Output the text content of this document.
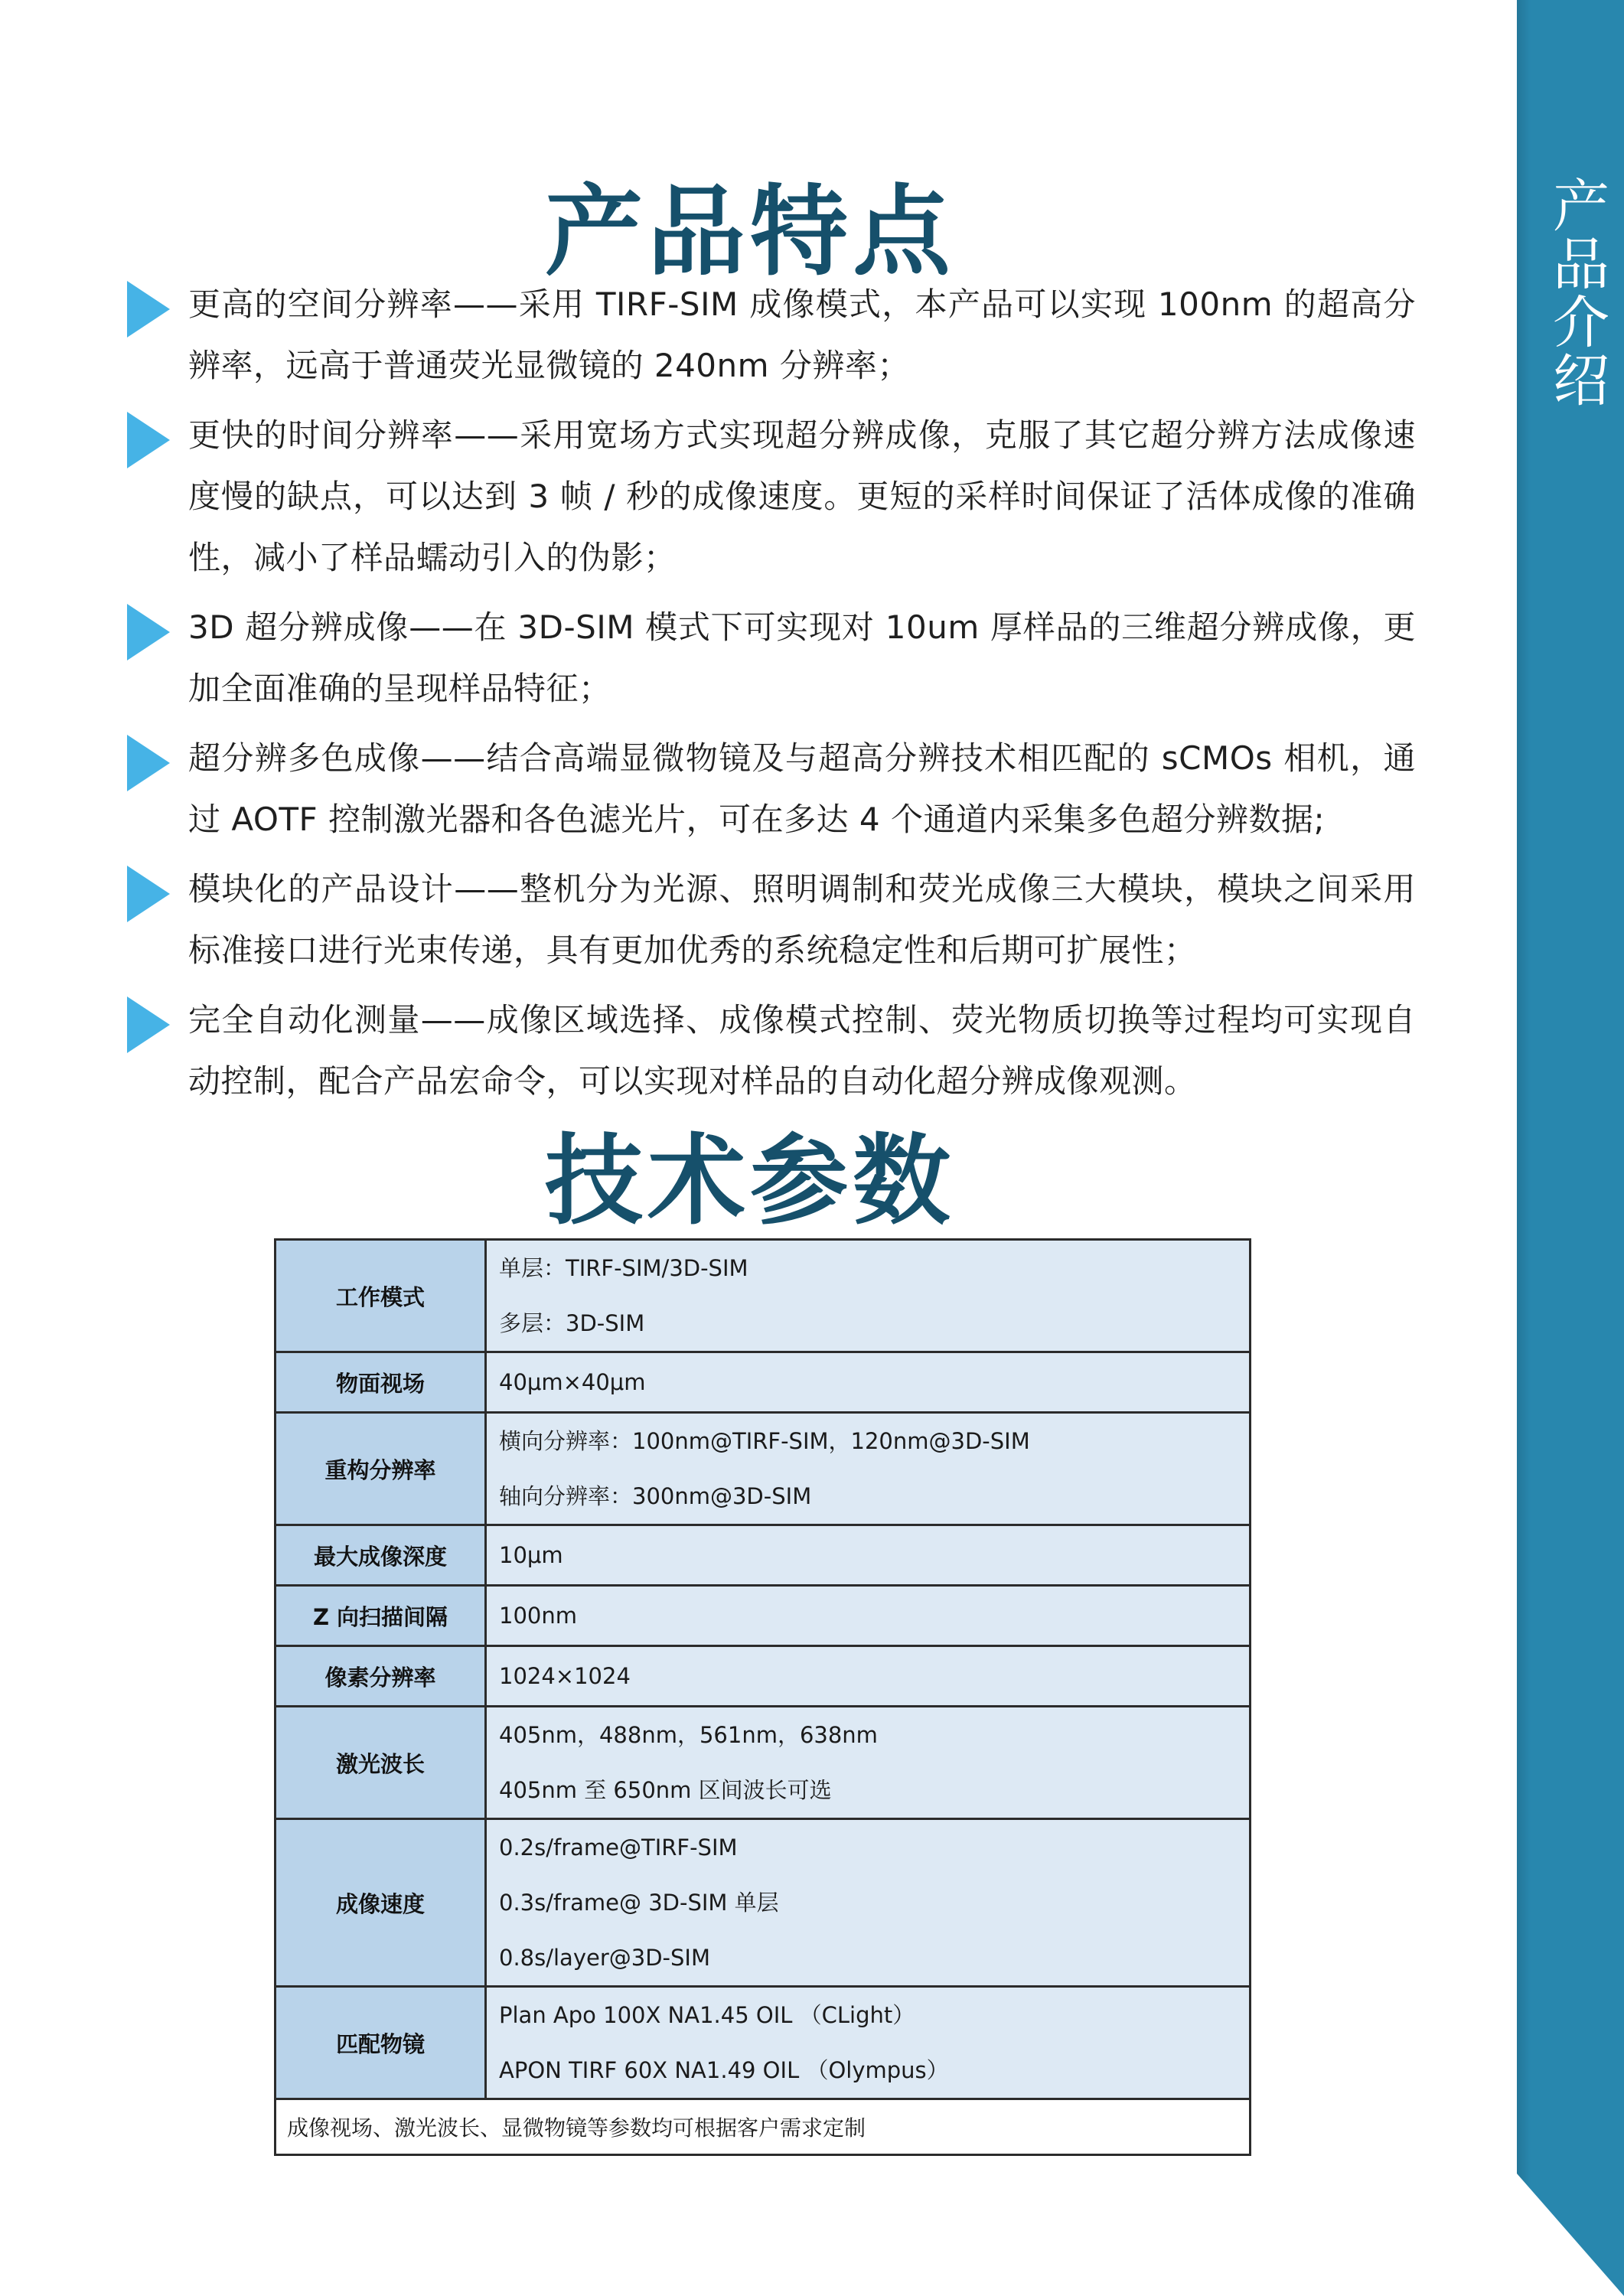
产品介绍
产品特点
更高的空间分辨率——采用 TIRF-SIM 成像模式，本产品可以实现 100nm 的超高分辨率，远高于普通荧光显微镜的 240nm 分辨率；
更快的时间分辨率——采用宽场方式实现超分辨成像，克服了其它超分辨方法成像速度慢的缺点，可以达到 3 帧 / 秒的成像速度。更短的采样时间保证了活体成像的准确性，减小了样品蠕动引入的伪影；
3D 超分辨成像——在 3D-SIM 模式下可实现对 10um 厚样品的三维超分辨成像，更加全面准确的呈现样品特征；
超分辨多色成像——结合高端显微物镜及与超高分辨技术相匹配的 sCMOs 相机，通过 AOTF 控制激光器和各色滤光片，可在多达 4 个通道内采集多色超分辨数据;
模块化的产品设计——整机分为光源、照明调制和荧光成像三大模块，模块之间采用标准接口进行光束传递，具有更加优秀的系统稳定性和后期可扩展性；
完全自动化测量——成像区域选择、成像模式控制、荧光物质切换等过程均可实现自动控制，配合产品宏命令，可以实现对样品的自动化超分辨成像观测。
技术参数
工作模式	单层：TIRF-SIM/3D-SIM
多层：3D-SIM

物面视场	40μm×40μm

重构分辨率	横向分辨率：100nm@TIRF-SIM，120nm@3D-SIM
轴向分辨率：300nm@3D-SIM

最大成像深度	10μm

Z 向扫描间隔	100nm

像素分辨率	1024×1024

激光波长	405nm，488nm，561nm，638nm
405nm 至 650nm 区间波长可选

成像速度	0.2s/frame@TIRF-SIM
0.3s/frame@ 3D-SIM 单层
0.8s/layer@3D-SIM

匹配物镜	Plan Apo 100X NA1.45 OIL （CLight）
APON TIRF 60X NA1.49 OIL （Olympus）

成像视场、激光波长、显微物镜等参数均可根据客户需求定制	
